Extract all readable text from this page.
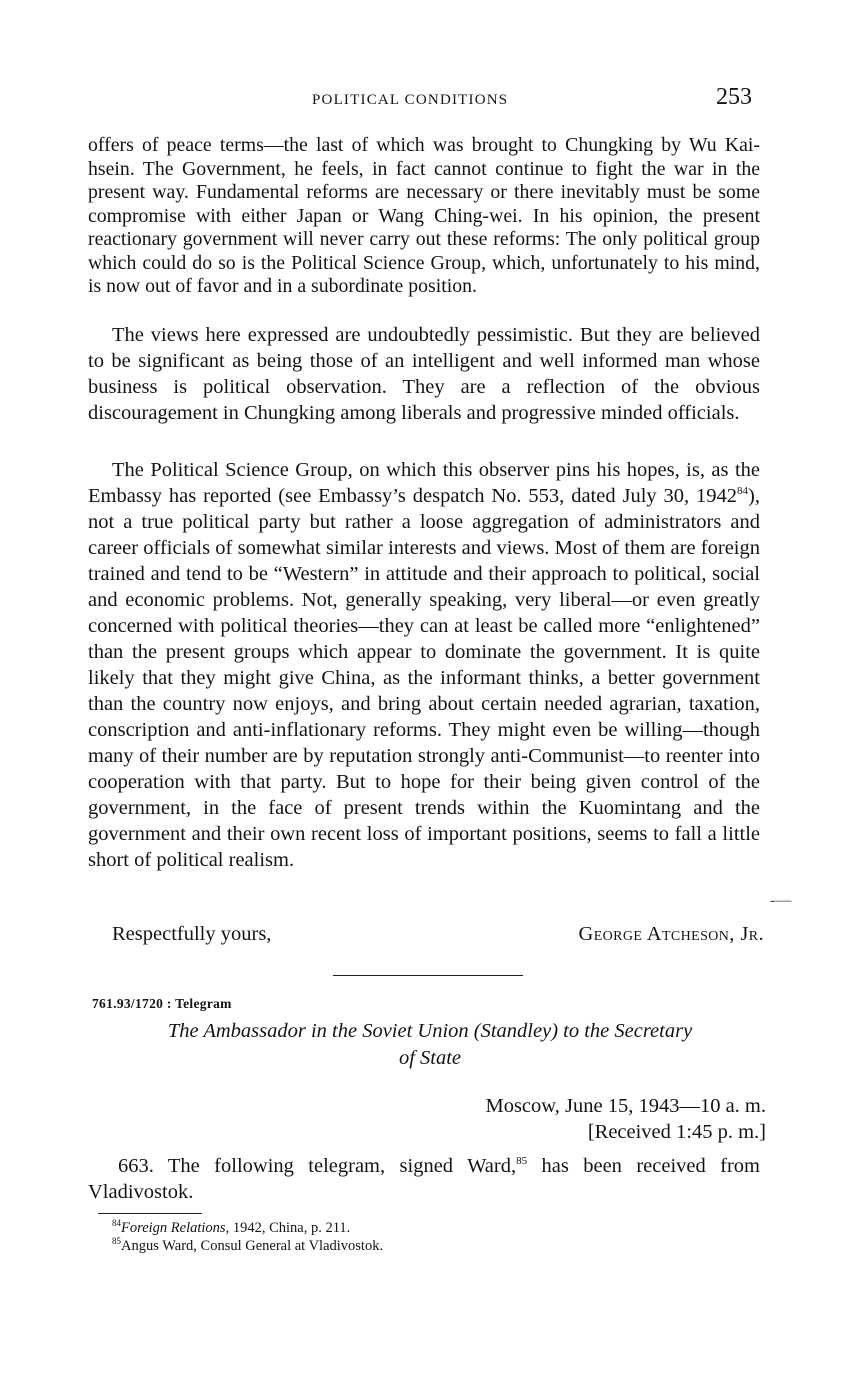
POLITICAL CONDITIONS	253
offers of peace terms—the last of which was brought to Chungking by Wu Kai-hsein. The Government, he feels, in fact cannot continue to fight the war in the present way. Fundamental reforms are necessary or there inevitably must be some compromise with either Japan or Wang Ching-wei. In his opinion, the present reactionary government will never carry out these reforms: The only political group which could do so is the Political Science Group, which, unfortunately to his mind, is now out of favor and in a subordinate position.
The views here expressed are undoubtedly pessimistic. But they are believed to be significant as being those of an intelligent and well informed man whose business is political observation. They are a reflection of the obvious discouragement in Chungking among liberals and progressive minded officials.
The Political Science Group, on which this observer pins his hopes, is, as the Embassy has reported (see Embassy’s despatch No. 553, dated July 30, 1942$^{84}$), not a true political party but rather a loose aggregation of administrators and career officials of somewhat similar interests and views. Most of them are foreign trained and tend to be “Western” in attitude and their approach to political, social and economic problems. Not, generally speaking, very liberal—or even greatly concerned with political theories—they can at least be called more “enlightened” than the present groups which appear to dominate the government. It is quite likely that they might give China, as the informant thinks, a better government than the country now enjoys, and bring about certain needed agrarian, taxation, conscription and anti-inflationary reforms. They might even be willing—though many of their number are by reputation strongly anti-Communist—to reenter into cooperation with that party. But to hope for their being given control of the government, in the face of present trends within the Kuomintang and the government and their own recent loss of important positions, seems to fall a little short of political realism.
-—
Respectfully yours,	George Atcheson, Jr.
761.93/1720 : Telegram
The Ambassador in the Soviet Union (Standley) to the Secretary
of State
Moscow, June 15, 1943—10 a. m.
[Received 1:45 p. m.]
663. The following telegram, signed Ward,$^{85}$ has been received from Vladivostok.
$^{84}$Foreign Relations, 1942, China, p. 211.
$^{85}$Angus Ward, Consul General at Vladivostok.
